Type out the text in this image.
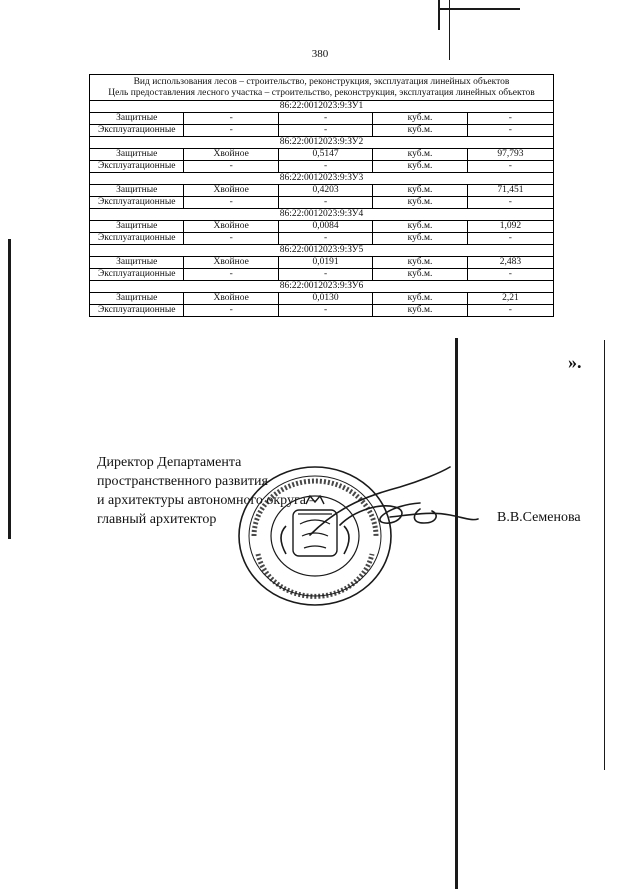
380
Вид использования лесов – строительство, реконструкция, эксплуатация линейных объектов
Цель предоставления лесного участка – строительство, реконструкция, эксплуатация линейных объектов				

86:22:0012023:9:ЗУ1				
Защитные	-	-	куб.м.	-
Эксплуатационные	-	-	куб.м.	-
86:22:0012023:9:ЗУ2				
Защитные	Хвойное	0,5147	куб.м.	97,793
Эксплуатационные	-	-	куб.м.	-
86:22:0012023:9:ЗУ3				
Защитные	Хвойное	0,4203	куб.м.	71,451
Эксплуатационные	-	-	куб.м.	-
86:22:0012023:9:ЗУ4				
Защитные	Хвойное	0,0084	куб.м.	1,092
Эксплуатационные	-	-	куб.м.	-
86:22:0012023:9:ЗУ5				
Защитные	Хвойное	0,0191	куб.м.	2,483
Эксплуатационные	-	-	куб.м.	-
86:22:0012023:9:ЗУ6				
Защитные	Хвойное	0,0130	куб.м.	2,21
Эксплуатационные	-	-	куб.м.	-
».
Директор Департамента
пространственного развития
и архитектуры автономного округа –
главный архитектор	В.В.Семенова
